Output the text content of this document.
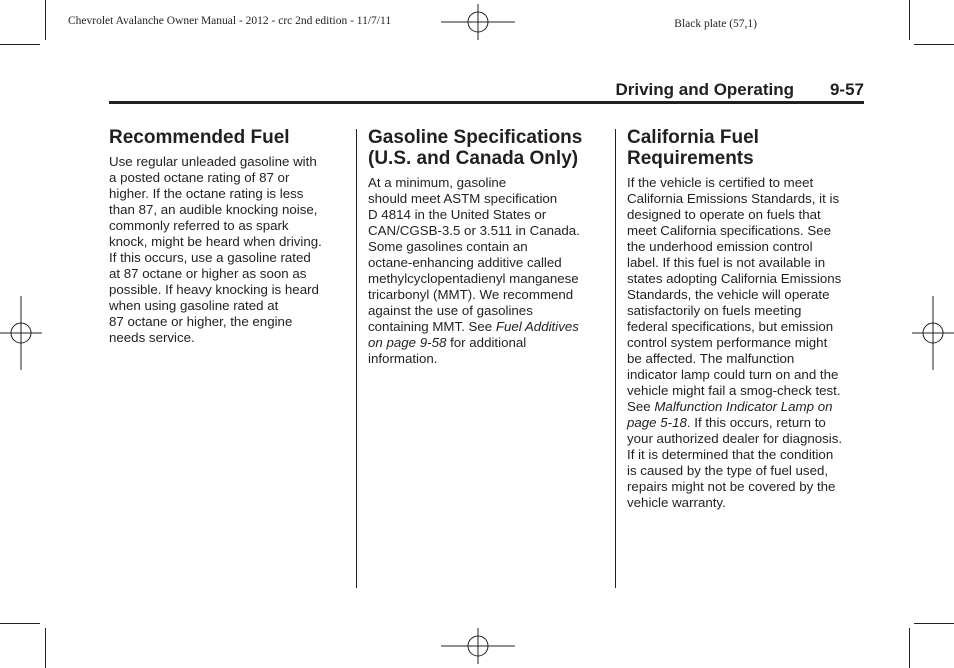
Chevrolet Avalanche Owner Manual - 2012 - crc 2nd edition - 11/7/11	Black plate (57,1)
Driving and Operating 9-57
Recommended Fuel

Use regular unleaded gasoline with
a posted octane rating of 87 or
higher. If the octane rating is less
than 87, an audible knocking noise,
commonly referred to as spark
knock, might be heard when driving.
If this occurs, use a gasoline rated
at 87 octane or higher as soon as
possible. If heavy knocking is heard
when using gasoline rated at
87 octane or higher, the engine
needs service.

Gasoline Specifications
(U.S. and Canada Only)

At a minimum, gasoline
should meet ASTM specification
D 4814 in the United States or
CAN/CGSB-3.5 or 3.511 in Canada.
Some gasolines contain an
octane-enhancing additive called
methylcyclopentadienyl manganese
tricarbonyl (MMT). We recommend
against the use of gasolines
containing MMT. See Fuel Additives
on page 9-58 for additional
information.

California Fuel
Requirements

If the vehicle is certified to meet
California Emissions Standards, it is
designed to operate on fuels that
meet California specifications. See
the underhood emission control
label. If this fuel is not available in
states adopting California Emissions
Standards, the vehicle will operate
satisfactorily on fuels meeting
federal specifications, but emission
control system performance might
be affected. The malfunction
indicator lamp could turn on and the
vehicle might fail a smog-check test.
See Malfunction Indicator Lamp on
page 5-18. If this occurs, return to
your authorized dealer for diagnosis.
If it is determined that the condition
is caused by the type of fuel used,
repairs might not be covered by the
vehicle warranty.
